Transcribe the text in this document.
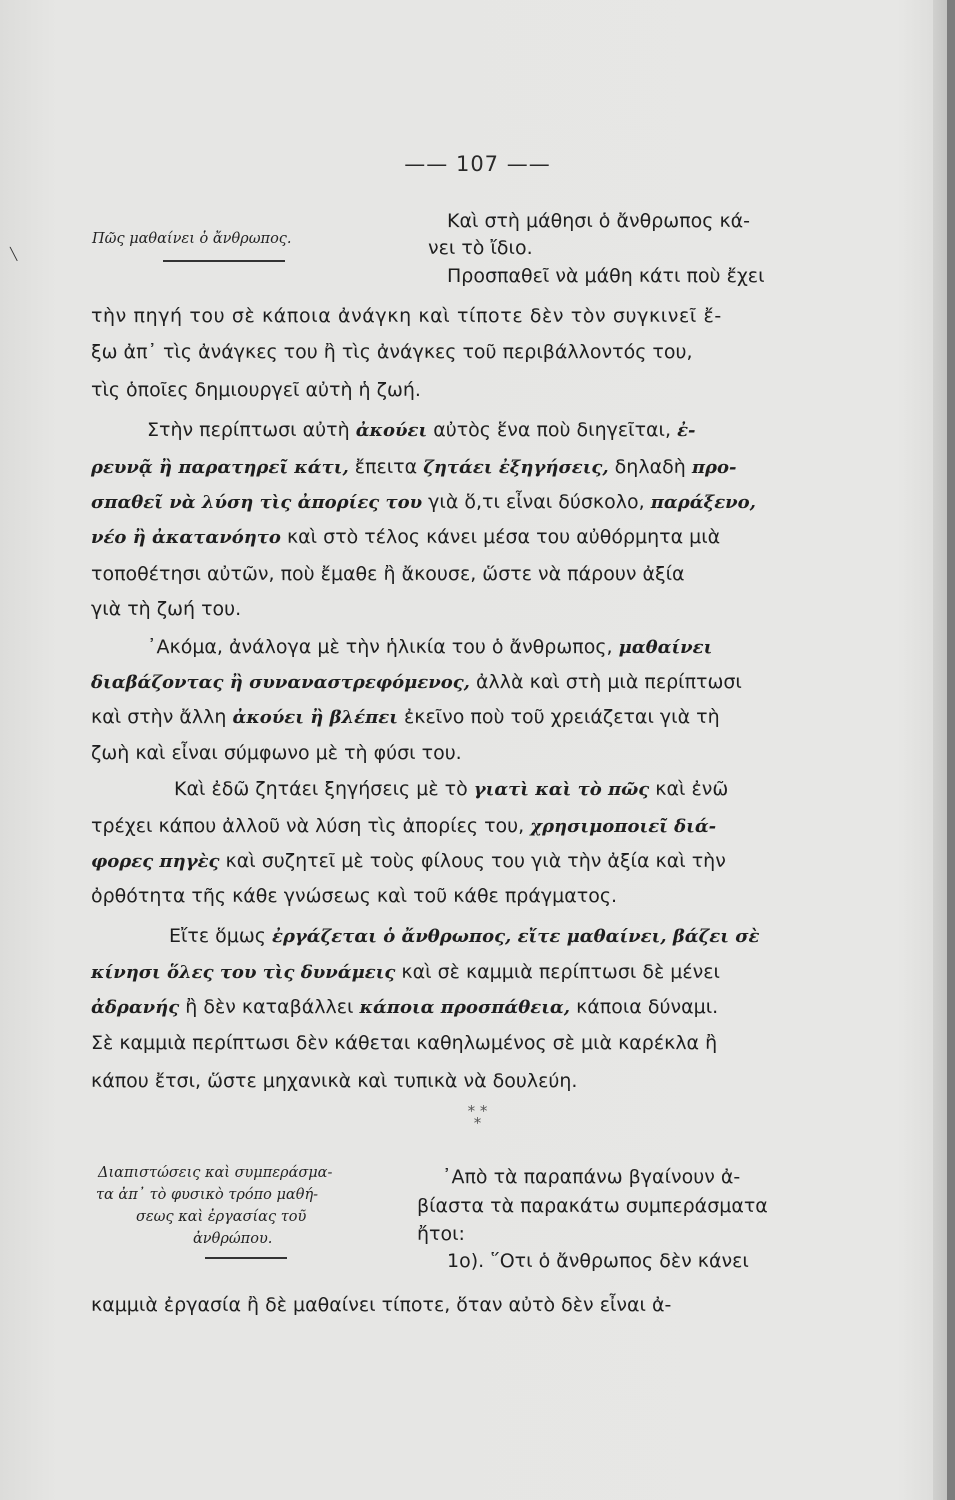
╲
—— 107 ——
Πῶς μαθαίνει ὁ ἄνθρωπος.
Διαπιστώσεις καὶ συμπεράσμα-
τα ἀπ᾿ τὸ φυσικὸ τρόπο μαθή-
σεως καὶ ἐργασίας τοῦ
ἀνθρώπου.
* *
*
Καὶ στὴ μάθησι ὁ ἄνθρωπος κά-
νει τὸ ἴδιο.
Προσπαθεῖ νὰ μάθη κάτι ποὺ ἔχει
τὴν πηγή του σὲ κάποια ἀνάγκη καὶ τίποτε δὲν τὸν συγκινεῖ ἔ-
ξω ἀπ᾿ τὶς ἀνάγκες του ἢ τὶς ἀνάγκες τοῦ περιβάλλοντός του,
τὶς ὁποῖες δημιουργεῖ αὐτὴ ἡ ζωή.
Στὴν περίπτωσι αὐτὴ ἀκούει αὐτὸς ἕνα ποὺ διηγεῖται, ἐ-
ρευνᾷ ἢ παρατηρεῖ κάτι, ἔπειτα ζητάει ἐξηγήσεις, δηλαδὴ προ-
σπαθεῖ νὰ λύση τὶς ἀπορίες του γιὰ ὅ,τι εἶναι δύσκολο, παράξενο,
νέο ἢ ἀκατανόητο καὶ στὸ τέλος κάνει μέσα του αὐθόρμητα μιὰ
τοποθέτησι αὐτῶν, ποὺ ἔμαθε ἢ ἄκουσε, ὥστε νὰ πάρουν ἀξία
γιὰ τὴ ζωή του.
᾿Ακόμα, ἀνάλογα μὲ τὴν ἡλικία του ὁ ἄνθρωπος, μαθαίνει
διαβάζοντας ἢ συναναστρεφόμενος, ἀλλὰ καὶ στὴ μιὰ περίπτωσι
καὶ στὴν ἄλλη ἀκούει ἢ βλέπει ἐκεῖνο ποὺ τοῦ χρειάζεται γιὰ τὴ
ζωὴ καὶ εἶναι σύμφωνο μὲ τὴ φύσι του.
Καὶ ἐδῶ ζητάει ξηγήσεις μὲ τὸ γιατὶ καὶ τὸ πῶς καὶ ἐνῶ
τρέχει κάπου ἀλλοῦ νὰ λύση τὶς ἀπορίες του, χρησιμοποιεῖ διά-
φορες πηγὲς καὶ συζητεῖ μὲ τοὺς φίλους του γιὰ τὴν ἀξία καὶ τὴν
ὀρθότητα τῆς κάθε γνώσεως καὶ τοῦ κάθε πράγματος.
Εἴτε ὅμως ἐργάζεται ὁ ἄνθρωπος, εἴτε μαθαίνει, βάζει σὲ
κίνησι ὅλες του τὶς δυνάμεις καὶ σὲ καμμιὰ περίπτωσι δὲ μένει
ἀδρανής ἢ δὲν καταβάλλει κάποια προσπάθεια, κάποια δύναμι.
Σὲ καμμιὰ περίπτωσι δὲν κάθεται καθηλωμένος σὲ μιὰ καρέκλα ἢ
κάπου ἔτσι, ὥστε μηχανικὰ καὶ τυπικὰ νὰ δουλεύη.
᾿Απὸ τὰ παραπάνω βγαίνουν ἀ-
βίαστα τὰ παρακάτω συμπεράσματα
ἤτοι:
1ο). ῞Οτι ὁ ἄνθρωπος δὲν κάνει
καμμιὰ ἐργασία ἢ δὲ μαθαίνει τίποτε, ὅταν αὐτὸ δὲν εἶναι ἀ-
